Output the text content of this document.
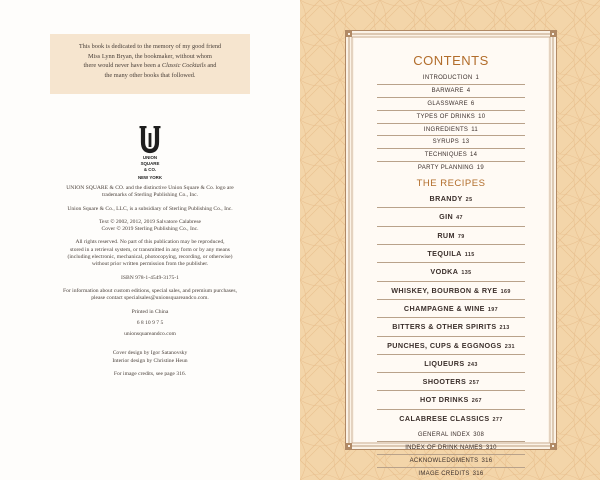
This book is dedicated to the memory of my good friend

Miss Lynn Bryan, the bookmaker, without whom

there would never have been a Classic Cocktails and

the many other books that followed.

UNION
SQUARE
& CO.
NEW YORK

UNION SQUARE & CO. and the distinctive Union Square & Co. logo are

trademarks of Sterling Publishing Co., Inc.

Union Square & Co., LLC, is a subsidiary of Sterling Publishing Co., Inc.

Text © 2002, 2012, 2019 Salvatore Calabrese

Cover © 2019 Sterling Publishing Co., Inc.

All rights reserved. No part of this publication may be reproduced,

stored in a retrieval system, or transmitted in any form or by any means

(including electronic, mechanical, photocopying, recording, or otherwise)

without prior written permission from the publisher.

ISBN 978-1-4549-3175-1

For information about custom editions, special sales, and premium purchases,

please contact specialsales@unionsquareandco.com.

Printed in China

6 8 10 9 7 5

unionsquareandco.com

Cover design by Igor Satanovsky

Interior design by Christine Heun

For image credits, see page 316.

CONTENTS
INTRODUCTION 1
BARWARE 4
GLASSWARE 6
TYPES OF DRINKS 10
INGREDIENTS 11
SYRUPS 13
TECHNIQUES 14
PARTY PLANNING 19
THE RECIPES
BRANDY 25
GIN 47
RUM 79
TEQUILA 115
VODKA 135
WHISKEY, BOURBON & RYE 169
CHAMPAGNE & WINE 197
BITTERS & OTHER SPIRITS 213
PUNCHES, CUPS & EGGNOGS 231
LIQUEURS 243
SHOOTERS 257
HOT DRINKS 267
CALABRESE CLASSICS 277
GENERAL INDEX 308
INDEX OF DRINK NAMES 310
ACKNOWLEDGMENTS 316
IMAGE CREDITS 316
